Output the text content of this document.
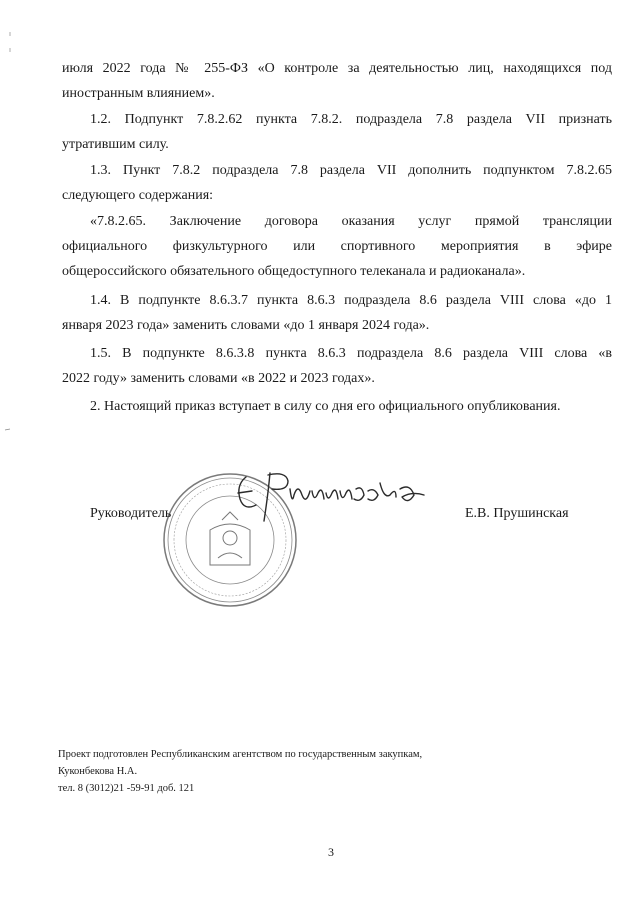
июля 2022 года № 255-ФЗ «О контроле за деятельностью лиц, находящихся под
иностранным влиянием».
1.2. Подпункт 7.8.2.62 пункта 7.8.2. подраздела 7.8 раздела VII признать
утратившим силу.
1.3. Пункт 7.8.2 подраздела 7.8 раздела VII дополнить подпунктом 7.8.2.65
следующего содержания:
«7.8.2.65. Заключение договора оказания услуг прямой трансляции
официального физкультурного или спортивного мероприятия в эфире
общероссийского обязательного общедоступного телеканала и радиоканала».
1.4. В подпункте 8.6.3.7 пункта 8.6.3 подраздела 8.6 раздела VIII слова «до 1
января 2023 года» заменить словами «до 1 января 2024 года».
1.5. В подпункте 8.6.3.8 пункта 8.6.3 подраздела 8.6 раздела VIII слова «в
2022 году» заменить словами «в 2022 и 2023 годах».
2. Настоящий приказ вступает в силу со дня его официального опубликования.
Руководитель	Е.В. Прушинская
Проект подготовлен Республиканским агентством по государственным закупкам,
Куконбекова Н.А.
тел. 8 (3012)21 -59-91 доб. 121
3
